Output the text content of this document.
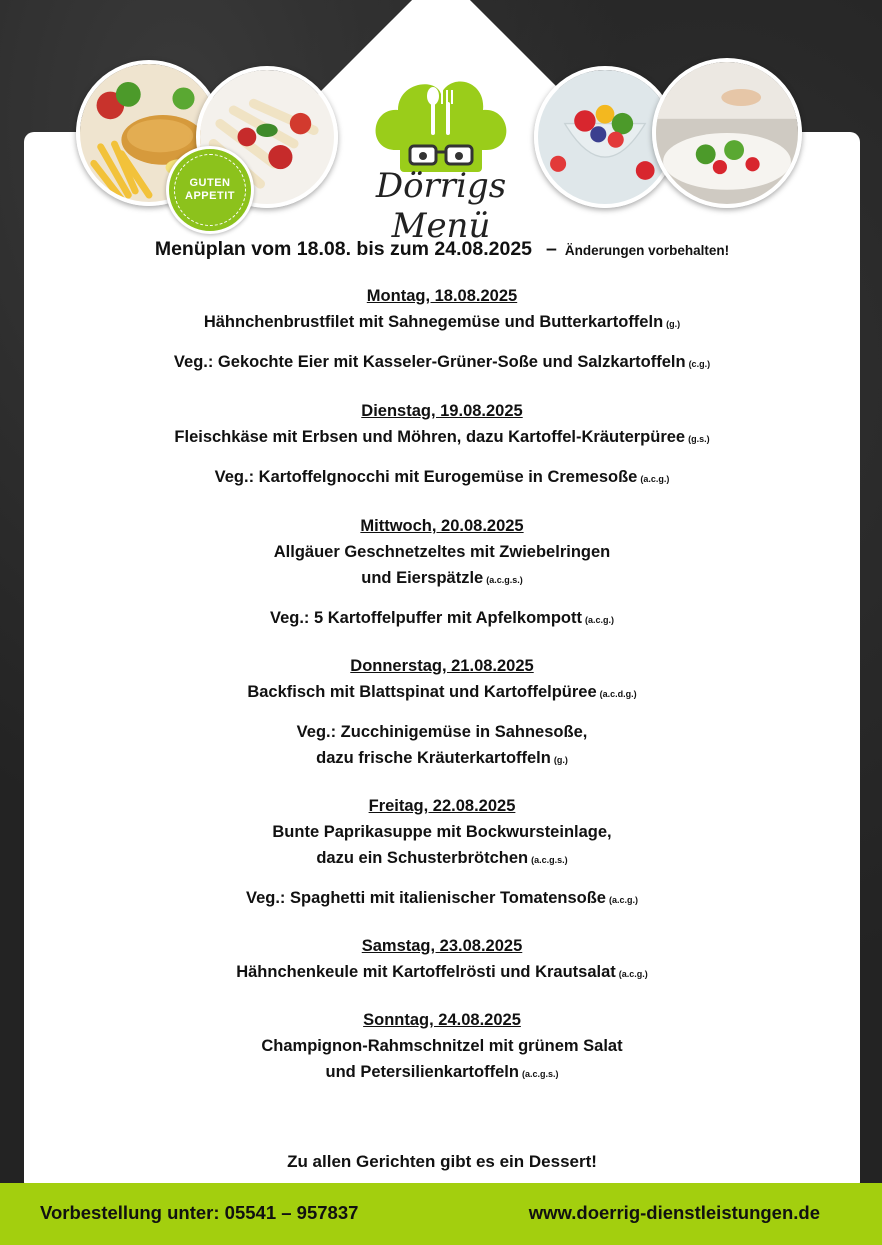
GUTEN
APPETIT	Dörrigs Menü
Menüplan vom 18.08. bis zum 24.08.2025 – Änderungen vorbehalten!
Montag, 18.08.2025
Hähnchenbrustfilet mit Sahnegemüse und Butterkartoffeln (g.)
Veg.: Gekochte Eier mit Kasseler-Grüner-Soße und Salzkartoffeln (c.g.)
Dienstag, 19.08.2025
Fleischkäse mit Erbsen und Möhren, dazu Kartoffel-Kräuterpüree (g.s.)
Veg.: Kartoffelgnocchi mit Eurogemüse in Cremesoße (a.c.g.)
Mittwoch, 20.08.2025
Allgäuer Geschnetzeltes mit Zwiebelringen
und Eierspätzle (a.c.g.s.)
Veg.: 5 Kartoffelpuffer mit Apfelkompott (a.c.g.)
Donnerstag, 21.08.2025
Backfisch mit Blattspinat und Kartoffelpüree (a.c.d.g.)
Veg.: Zucchinigemüse in Sahnesoße,
dazu frische Kräuterkartoffeln (g.)
Freitag, 22.08.2025
Bunte Paprikasuppe mit Bockwursteinlage,
dazu ein Schusterbrötchen (a.c.g.s.)
Veg.: Spaghetti mit italienischer Tomatensoße (a.c.g.)
Samstag, 23.08.2025
Hähnchenkeule mit Kartoffelrösti und Krautsalat (a.c.g.)
Sonntag, 24.08.2025
Champignon-Rahmschnitzel mit grünem Salat
und Petersilienkartoffeln (a.c.g.s.)
Zu allen Gerichten gibt es ein Dessert!
Vorbestellung unter: 05541 – 957837	www.doerrig-dienstleistungen.de
